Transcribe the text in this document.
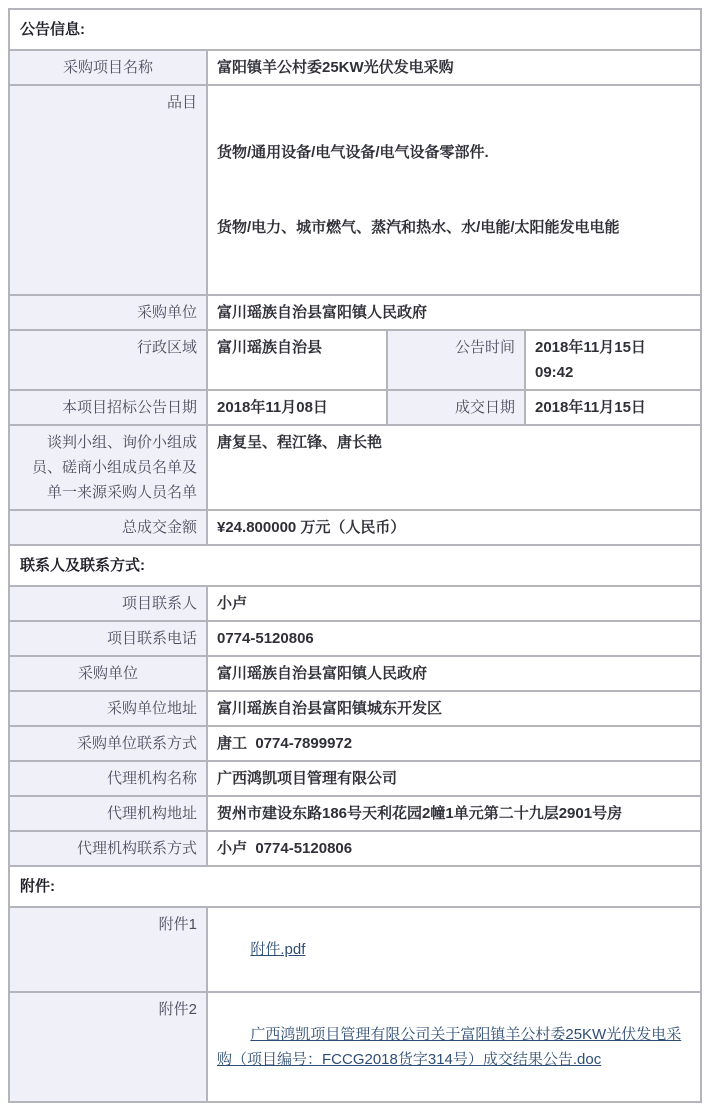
公告信息:			
采购项目名称	富阳镇羊公村委25KW光伏发电采购		
品目	货物/通用设备/电气设备/电气设备零部件.

货物/电力、城市燃气、蒸汽和热水、水/电能/太阳能发电电能		

采购单位	富川瑶族自治县富阳镇人民政府		
行政区域	富川瑶族自治县	公告时间	2018年11月15日  09:42
本项目招标公告日期	2018年11月08日	成交日期	2018年11月15日
谈判小组、询价小组成员、磋商小组成员名单及单一来源采购人员名单	唐复呈、程江锋、唐长艳		
总成交金额	¥24.800000 万元（人民币）		
联系人及联系方式:			
项目联系人	小卢		
项目联系电话	0774-5120806		
采购单位	富川瑶族自治县富阳镇人民政府		
采购单位地址	富川瑶族自治县富阳镇城东开发区		
采购单位联系方式	唐工  0774-7899972		
代理机构名称	广西鸿凯项目管理有限公司		
代理机构地址	贺州市建设东路186号天利花园2幢1单元第二十九层2901号房		
代理机构联系方式	小卢  0774-5120806		
附件:			
附件1	附件.pdf		

附件2	广西鸿凯项目管理有限公司关于富阳镇羊公村委25KW光伏发电采购（项目编号：FCCG2018货字314号）成交结果公告.doc		
